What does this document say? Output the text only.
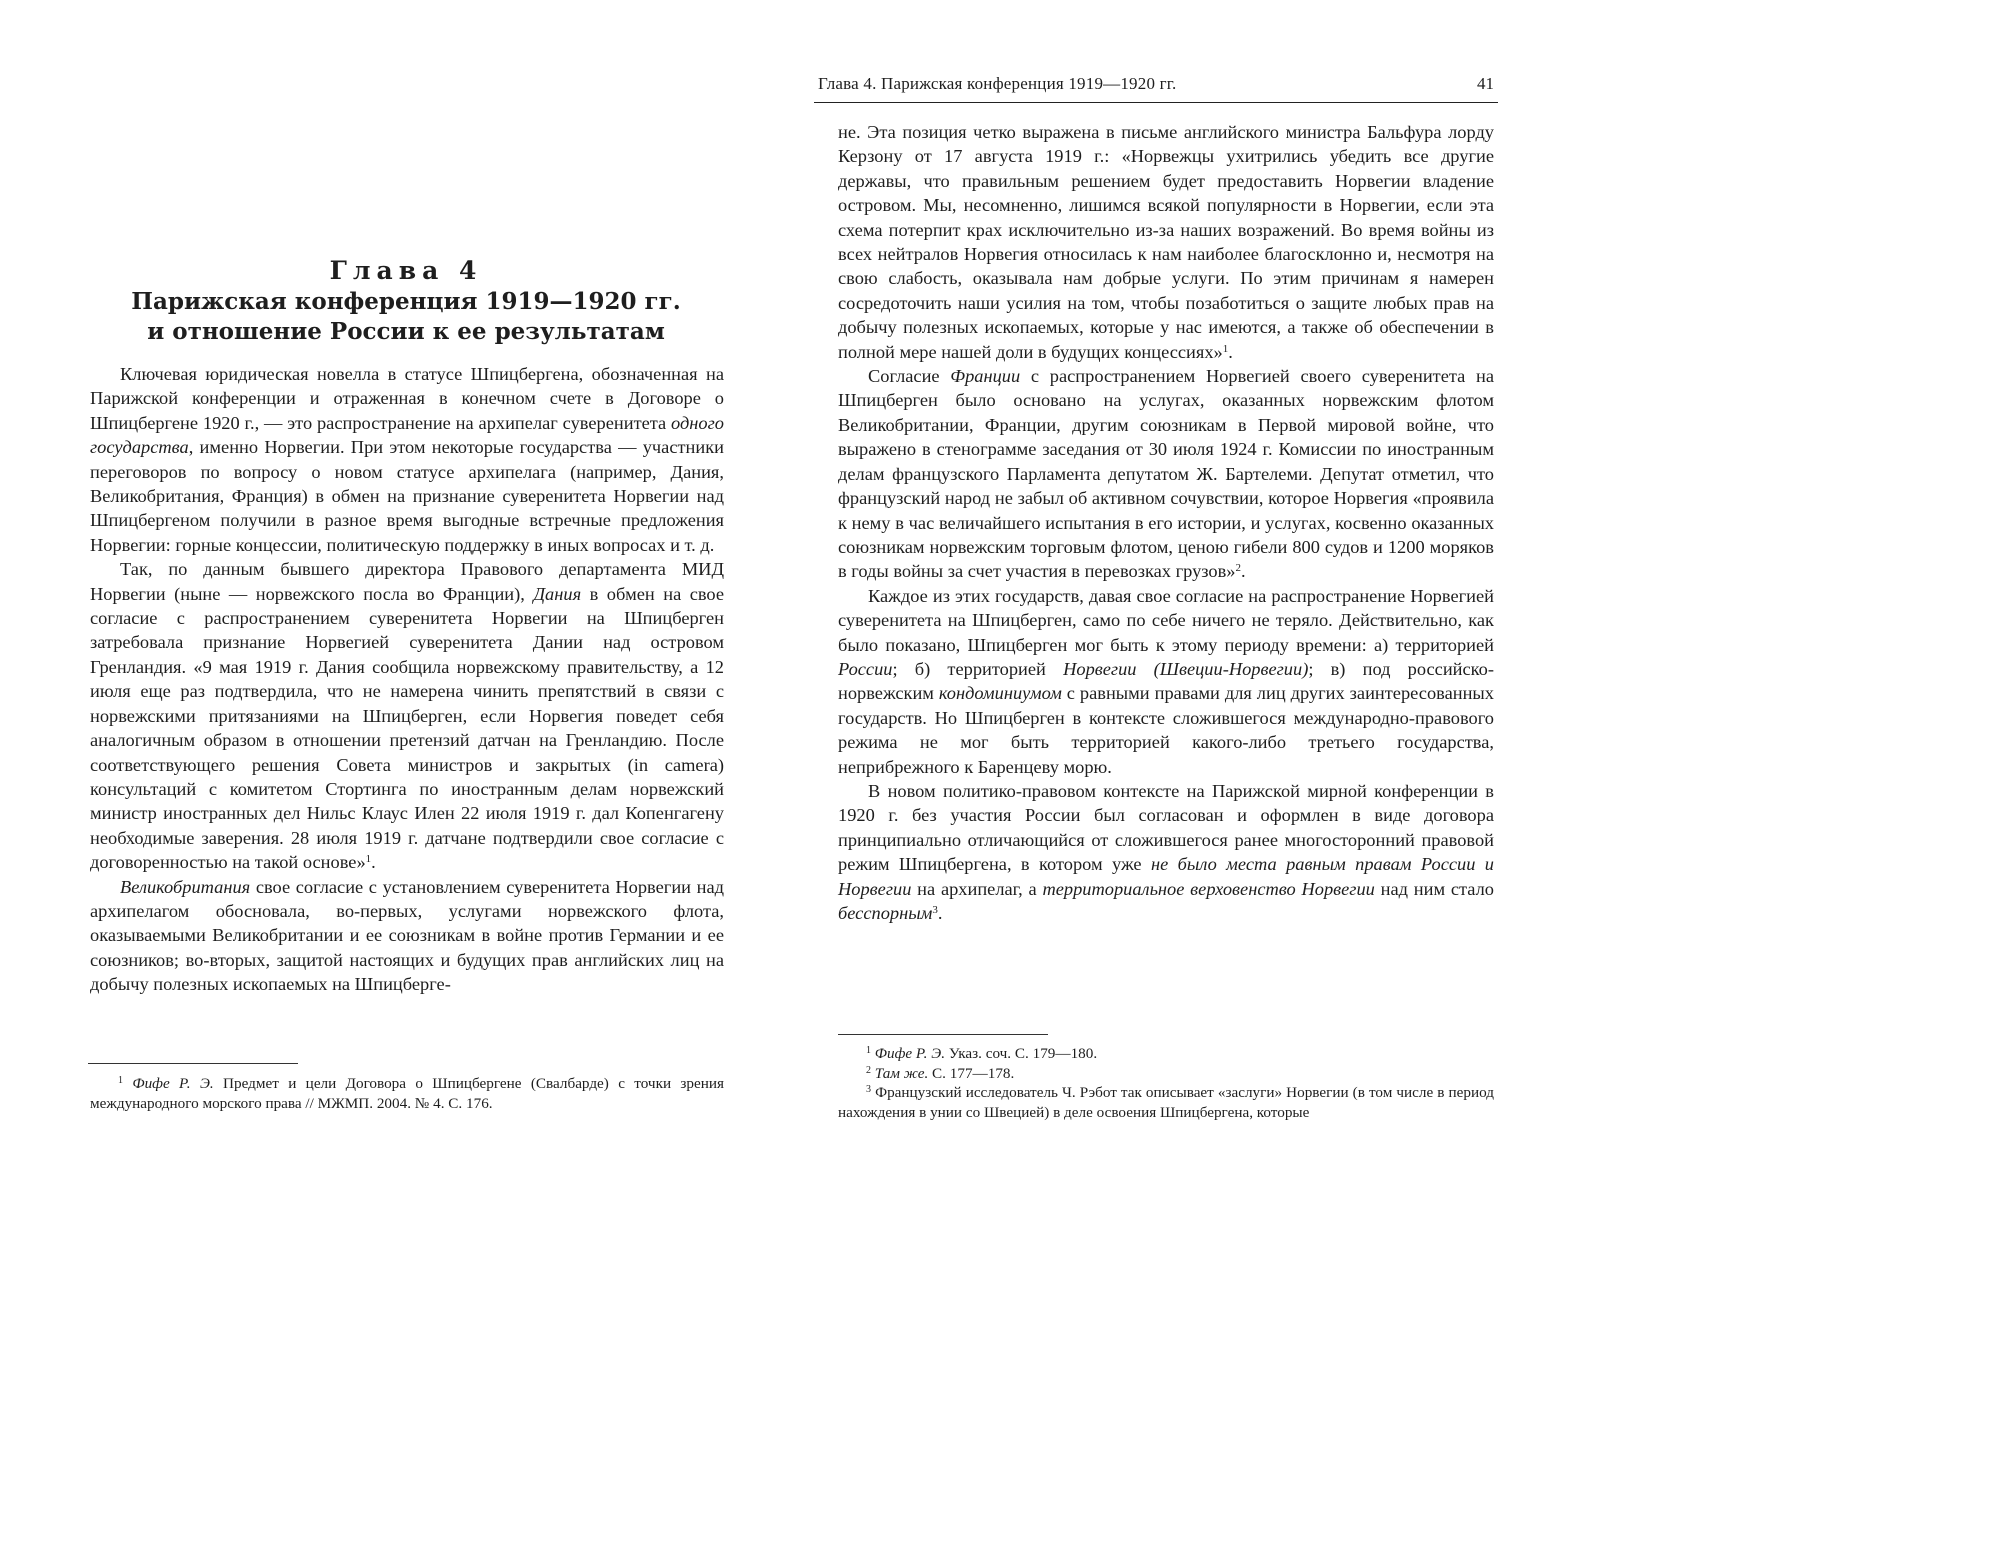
Глава 4
Парижская конференция 1919—1920 гг.
и отношение России к ее результатам

Ключевая юридическая новелла в статусе Шпицбергена, обозначенная на Парижской конференции и отраженная в конечном счете в Договоре о Шпицбергене 1920 г., — это распространение на архипелаг суверенитета одного государства, именно Норвегии. При этом некоторые государства — участники переговоров по вопросу о новом статусе архипелага (например, Дания, Великобритания, Франция) в обмен на признание суверенитета Норвегии над Шпицбергеном получили в разное время выгодные встречные предложения Норвегии: горные концессии, политическую поддержку в иных вопросах и т. д.

Так, по данным бывшего директора Правового департамента МИД Норвегии (ныне — норвежского посла во Франции), Дания в обмен на свое согласие с распространением суверенитета Норвегии на Шпицберген затребовала признание Норвегией суверенитета Дании над островом Гренландия. «9 мая 1919 г. Дания сообщила норвежскому правительству, а 12 июля еще раз подтвердила, что не намерена чинить препятствий в связи с норвежскими притязаниями на Шпицберген, если Норвегия поведет себя аналогичным образом в отношении претензий датчан на Гренландию. После соответствующего решения Совета министров и закрытых (in camera) консультаций с комитетом Стортинга по иностранным делам норвежский министр иностранных дел Нильс Клаус Илен 22 июля 1919 г. дал Копенгагену необходимые заверения. 28 июля 1919 г. датчане подтвердили свое согласие с договоренностью на такой основе»$^1$.

Великобритания свое согласие с установлением суверенитета Норвегии над архипелагом обосновала, во-первых, услугами норвежского флота, оказываемыми Великобритании и ее союзникам в войне против Германии и ее союзников; во-вторых, защитой настоящих и будущих прав английских лиц на добычу полезных ископаемых на Шпицберге-

$^1$ Фифе Р. Э. Предмет и цели Договора о Шпицбергене (Свалбарде) с точки зрения международного морского права // МЖМП. 2004. № 4. С. 176.

Глава 4. Парижская конференция 1919—1920 гг.	41

не. Эта позиция четко выражена в письме английского министра Бальфура лорду Керзону от 17 августа 1919 г.: «Норвежцы ухитрились убедить все другие державы, что правильным решением будет предоставить Норвегии владение островом. Мы, несомненно, лишимся всякой популярности в Норвегии, если эта схема потерпит крах исключительно из-за наших возражений. Во время войны из всех нейтралов Норвегия относилась к нам наиболее благосклонно и, несмотря на свою слабость, оказывала нам добрые услуги. По этим причинам я намерен сосредоточить наши усилия на том, чтобы позаботиться о защите любых прав на добычу полезных ископаемых, которые у нас имеются, а также об обеспечении в полной мере нашей доли в будущих концессиях»$^1$.

Согласие Франции с распространением Норвегией своего суверенитета на Шпицберген было основано на услугах, оказанных норвежским флотом Великобритании, Франции, другим союзникам в Первой мировой войне, что выражено в стенограмме заседания от 30 июля 1924 г. Комиссии по иностранным делам французского Парламента депутатом Ж. Бартелеми. Депутат отметил, что французский народ не забыл об активном сочувствии, которое Норвегия «проявила к нему в час величайшего испытания в его истории, и услугах, косвенно оказанных союзникам норвежским торговым флотом, ценою гибели 800 судов и 1200 моряков в годы войны за счет участия в перевозках грузов»$^2$.

Каждое из этих государств, давая свое согласие на распространение Норвегией суверенитета на Шпицберген, само по себе ничего не теряло. Действительно, как было показано, Шпицберген мог быть к этому периоду времени: а) территорией России; б) территорией Норвегии (Швеции-Норвегии); в) под российско-норвежским кондоминиумом с равными правами для лиц других заинтересованных государств. Но Шпицберген в контексте сложившегося международно-правового режима не мог быть территорией какого-либо третьего государства, неприбрежного к Баренцеву морю.

В новом политико-правовом контексте на Парижской мирной конференции в 1920 г. без участия России был согласован и оформлен в виде договора принципиально отличающийся от сложившегося ранее многосторонний правовой режим Шпицбергена, в котором уже не было места равным правам России и Норвегии на архипелаг, а территориальное верховенство Норвегии над ним стало бесспорным$^3$.

$^1$ Фифе Р. Э. Указ. соч. С. 179—180.

$^2$ Там же. С. 177—178.

$^3$ Французский исследователь Ч. Рэбот так описывает «заслуги» Норвегии (в том числе в период нахождения в унии со Швецией) в деле освоения Шпицбергена, которые
